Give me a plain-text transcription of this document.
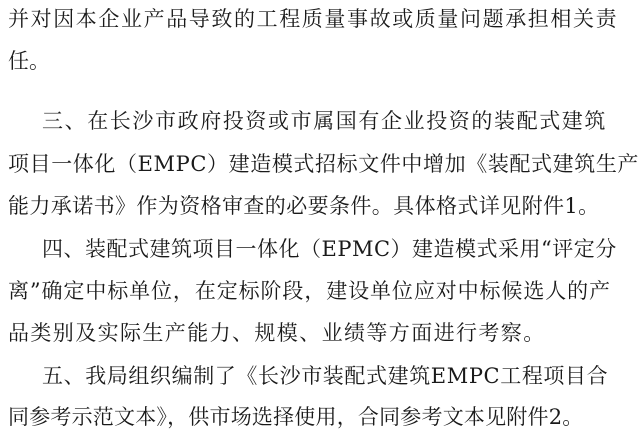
并对因本企业产品导致的工程质量事故或质量问题承担相关责
任。
三、在长沙市政府投资或市属国有企业投资的装配式建筑
项目一体化（EMPC）建造模式招标文件中增加《装配式建筑生产
能力承诺书》作为资格审查的必要条件。具体格式详见附件1。
四、装配式建筑项目一体化（EPMC）建造模式采用“评定分
离”确定中标单位，在定标阶段，建设单位应对中标候选人的产
品类别及实际生产能力、规模、业绩等方面进行考察。
五、我局组织编制了《长沙市装配式建筑EMPC工程项目合
同参考示范文本》，供市场选择使用，合同参考文本见附件2。
